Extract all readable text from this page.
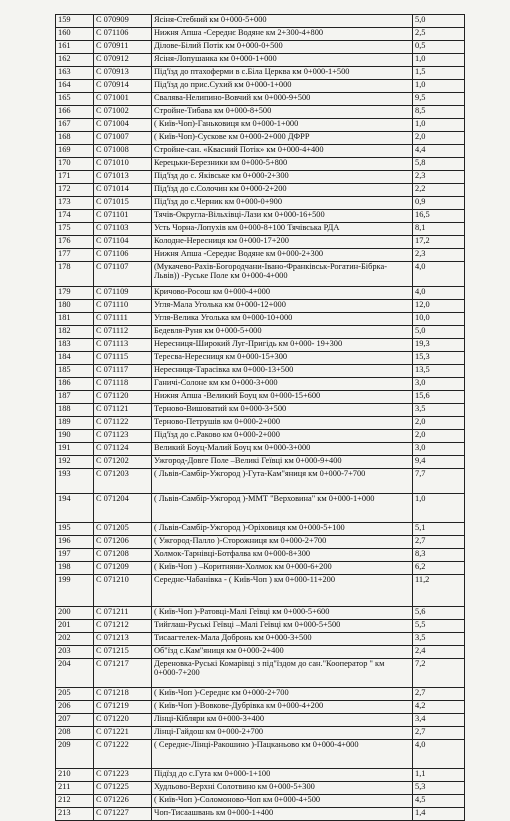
159	С 070909	Ясіня-Стебний км 0+000-5+000	5,0
160	С 071106	Нижня Апша -Середнє Водяне км 2+300-4+800	2,5
161	С 070911	Ділове-Білий Потік км 0+000-0+500	0,5
162	С 070912	Ясіня-Лопушанка км 0+000-1+000	1,0
163	С 070913	Під'їзд до птахоферми в с.Біла Церква км 0+000-1+500	1,5
164	С 070914	Під'їзд до прис.Сухий км 0+000-1+000	1,0
165	С 071001	Свалява-Нелипино-Вовчий км 0+000-9+500	9,5
166	С 071002	Стройне-Тибава км 0+000-8+500	8,5
167	С 071004	( Київ-Чоп)-Ганьковиця км 0+000-1+000	1,0
168	С 071007	( Київ-Чоп)-Сускове км 0+000-2+000 ДФРР	2,0
169	С 071008	Стройне-сан. «Квасний Потік» км 0+000-4+400	4,4
170	С 071010	Керецьки-Березники км 0+000-5+800	5,8
171	С 071013	Під'їзд до с. Яківське км 0+000-2+300	2,3
172	С 071014	Під'їзд до с.Солочин км 0+000-2+200	2,2
173	С 071015	Під'їзд до с.Черник км 0+000-0+900	0,9
174	С 071101	Тячів-Округла-Вільхівці-Лази км 0+000-16+500	16,5
175	С 071103	Усть Чорна-Лопухів км 0+000-8+100 Тячівська РДА	8,1
176	С 071104	Колодне-Нересниця км 0+000-17+200	17,2
177	С 071106	Нижня Апша -Середнє Водяне км 0+000-2+300	2,3
178	С 071107	(Мукачево-Рахів-Богородчани-Івано-Франківськ-Рогатин-Бібрка-Львів)) -Руське Поле км 0+000-4+000	4,0
179	С 071109	Кричово-Росош км 0+000-4+000	4,0
180	С 071110	Угля-Мала Уголька км 0+000-12+000	12,0
181	С 071111	Угля-Велика Уголька км 0+000-10+000	10,0
182	С 071112	Бедевля-Руня км 0+000-5+000	5,0
183	С 071113	Нересниця-Широкий Луг-Пригідь км 0+000- 19+300	19,3
184	С 071115	Тересва-Нересниця км 0+000-15+300	15,3
185	С 071117	Нересниця-Тарасівка км 0+000-13+500	13,5
186	С 071118	Ганичі-Солоне км км 0+000-3+000	3,0
187	С 071120	Нижня Апша -Великий Боуц км 0+000-15+600	15,6
188	С 071121	Терново-Вишоватий км 0+000-3+500	3,5
189	С 071122	Терново-Петрушів км 0+000-2+000	2,0
190	С 071123	Під'їзд до с.Раково км 0+000-2+000	2,0
191	С 071124	Великий Боуц-Малий Боуц км 0+000-3+000	3,0
192	С 071202	Ужгород-Довге Поле –Великі Геївці км 0+000-9+400	9,4
193	С 071203	( Львів-Самбір-Ужгород )-Гута-Кам"яниця км 0+000-7+700	7,7
194	С 071204	( Львів-Самбір-Ужгород )-ММТ "Верховина" км 0+000-1+000	1,0
195	С 071205	( Львів-Самбір-Ужгород )-Оріховиця км 0+000-5+100	5,1
196	С 071206	( Ужгород-Палло )-Сторожниця км 0+000-2+700	2,7
197	С 071208	Холмок-Тарнівці-Ботфалва км 0+000-8+300	8,3
198	С 071209	( Київ-Чоп ) –Коритняни-Холмок км 0+000-6+200	6,2
199	С 071210	Середнє-Чабанівка - ( Київ-Чоп ) км 0+000-11+200	11,2
200	С 071211	( Київ-Чоп )-Ратовці-Малі Геївці км 0+000-5+600	5,6
201	С 071212	Тийглаш-Руські Геївці –Малі Геївці км 0+000-5+500	5,5
202	С 071213	Тисаагтелек-Мала Добронь км 0+000-3+500	3,5
203	С 071215	Об"їзд с.Кам"яниця км 0+000-2+400	2,4
204	С 071217	Дереновка-Руські Комарівці з під"їздом до сан."Кооператор " км 0+000-7+200	7,2
205	С 071218	( Київ-Чоп )-Середнє км 0+000-2+700	2,7
206	С 071219	( Київ-Чоп )-Вовкове-Дубрівка км 0+000-4+200	4,2
207	С 071220	Лінці-Кібляри км 0+000-3+400	3,4
208	С 071221	Лінці-Гайдош км 0+000-2+700	2,7
209	С 071222	( Середнє-Лінці-Ракошино )-Пацканьово км 0+000-4+000	4,0
210	С 071223	Підїзд до с.Гута км 0+000-1+100	1,1
211	С 071225	Худльово-Верхні Солотвино км 0+000-5+300	5,3
212	С 071226	( Київ-Чоп )-Соломоново-Чоп км 0+000-4+500	4,5
213	С 071227	Чоп-Тисаашвань км 0+000-1+400	1,4
